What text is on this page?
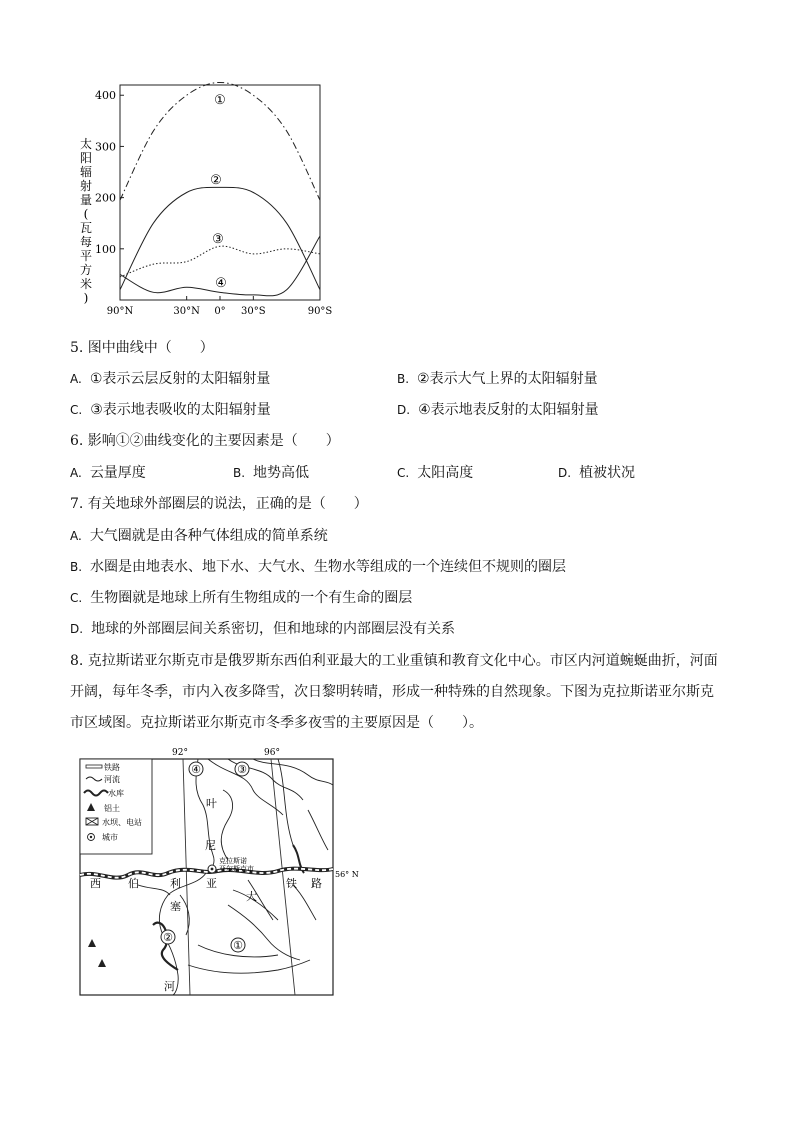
太
阳
辐
射
量
(
瓦
每
平
方
米
)
400
300
200
100
90°N	30°N 0° 30°S	90°S
①
②
③
④
5. 图中曲线中（　　）
A. ①表示云层反射的太阳辐射量	B. ②表示大气上界的太阳辐射量
C. ③表示地表吸收的太阳辐射量	D. ④表示地表反射的太阳辐射量
6. 影响①②曲线变化的主要因素是（　　）
A. 云量厚度	B. 地势高低	C. 太阳高度	D. 植被状况
7. 有关地球外部圈层的说法，正确的是（　　）
A. 大气圈就是由各种气体组成的简单系统
B. 水圈是由地表水、地下水、大气水、生物水等组成的一个连续但不规则的圈层
C. 生物圈就是地球上所有生物组成的一个有生命的圈层
D. 地球的外部圈层间关系密切，但和地球的内部圈层没有关系
8. 克拉斯诺亚尔斯克市是俄罗斯东西伯利亚最大的工业重镇和教育文化中心。市区内河道蜿蜒曲折，河面
开阔，每年冬季，市内入夜多降雪，次日黎明转晴，形成一种特殊的自然现象。下图为克拉斯诺亚尔斯克
市区域图。克拉斯诺亚尔斯克市冬季多夜雪的主要原因是（　　）。
92°	96°
铁路
河流
水库
铝土
水坝、电站
城市
56° N
克拉斯诺
亚尔斯克市
西 伯	利 亚
大
铁 路
叶
尼
塞
河
④	③
②
①
